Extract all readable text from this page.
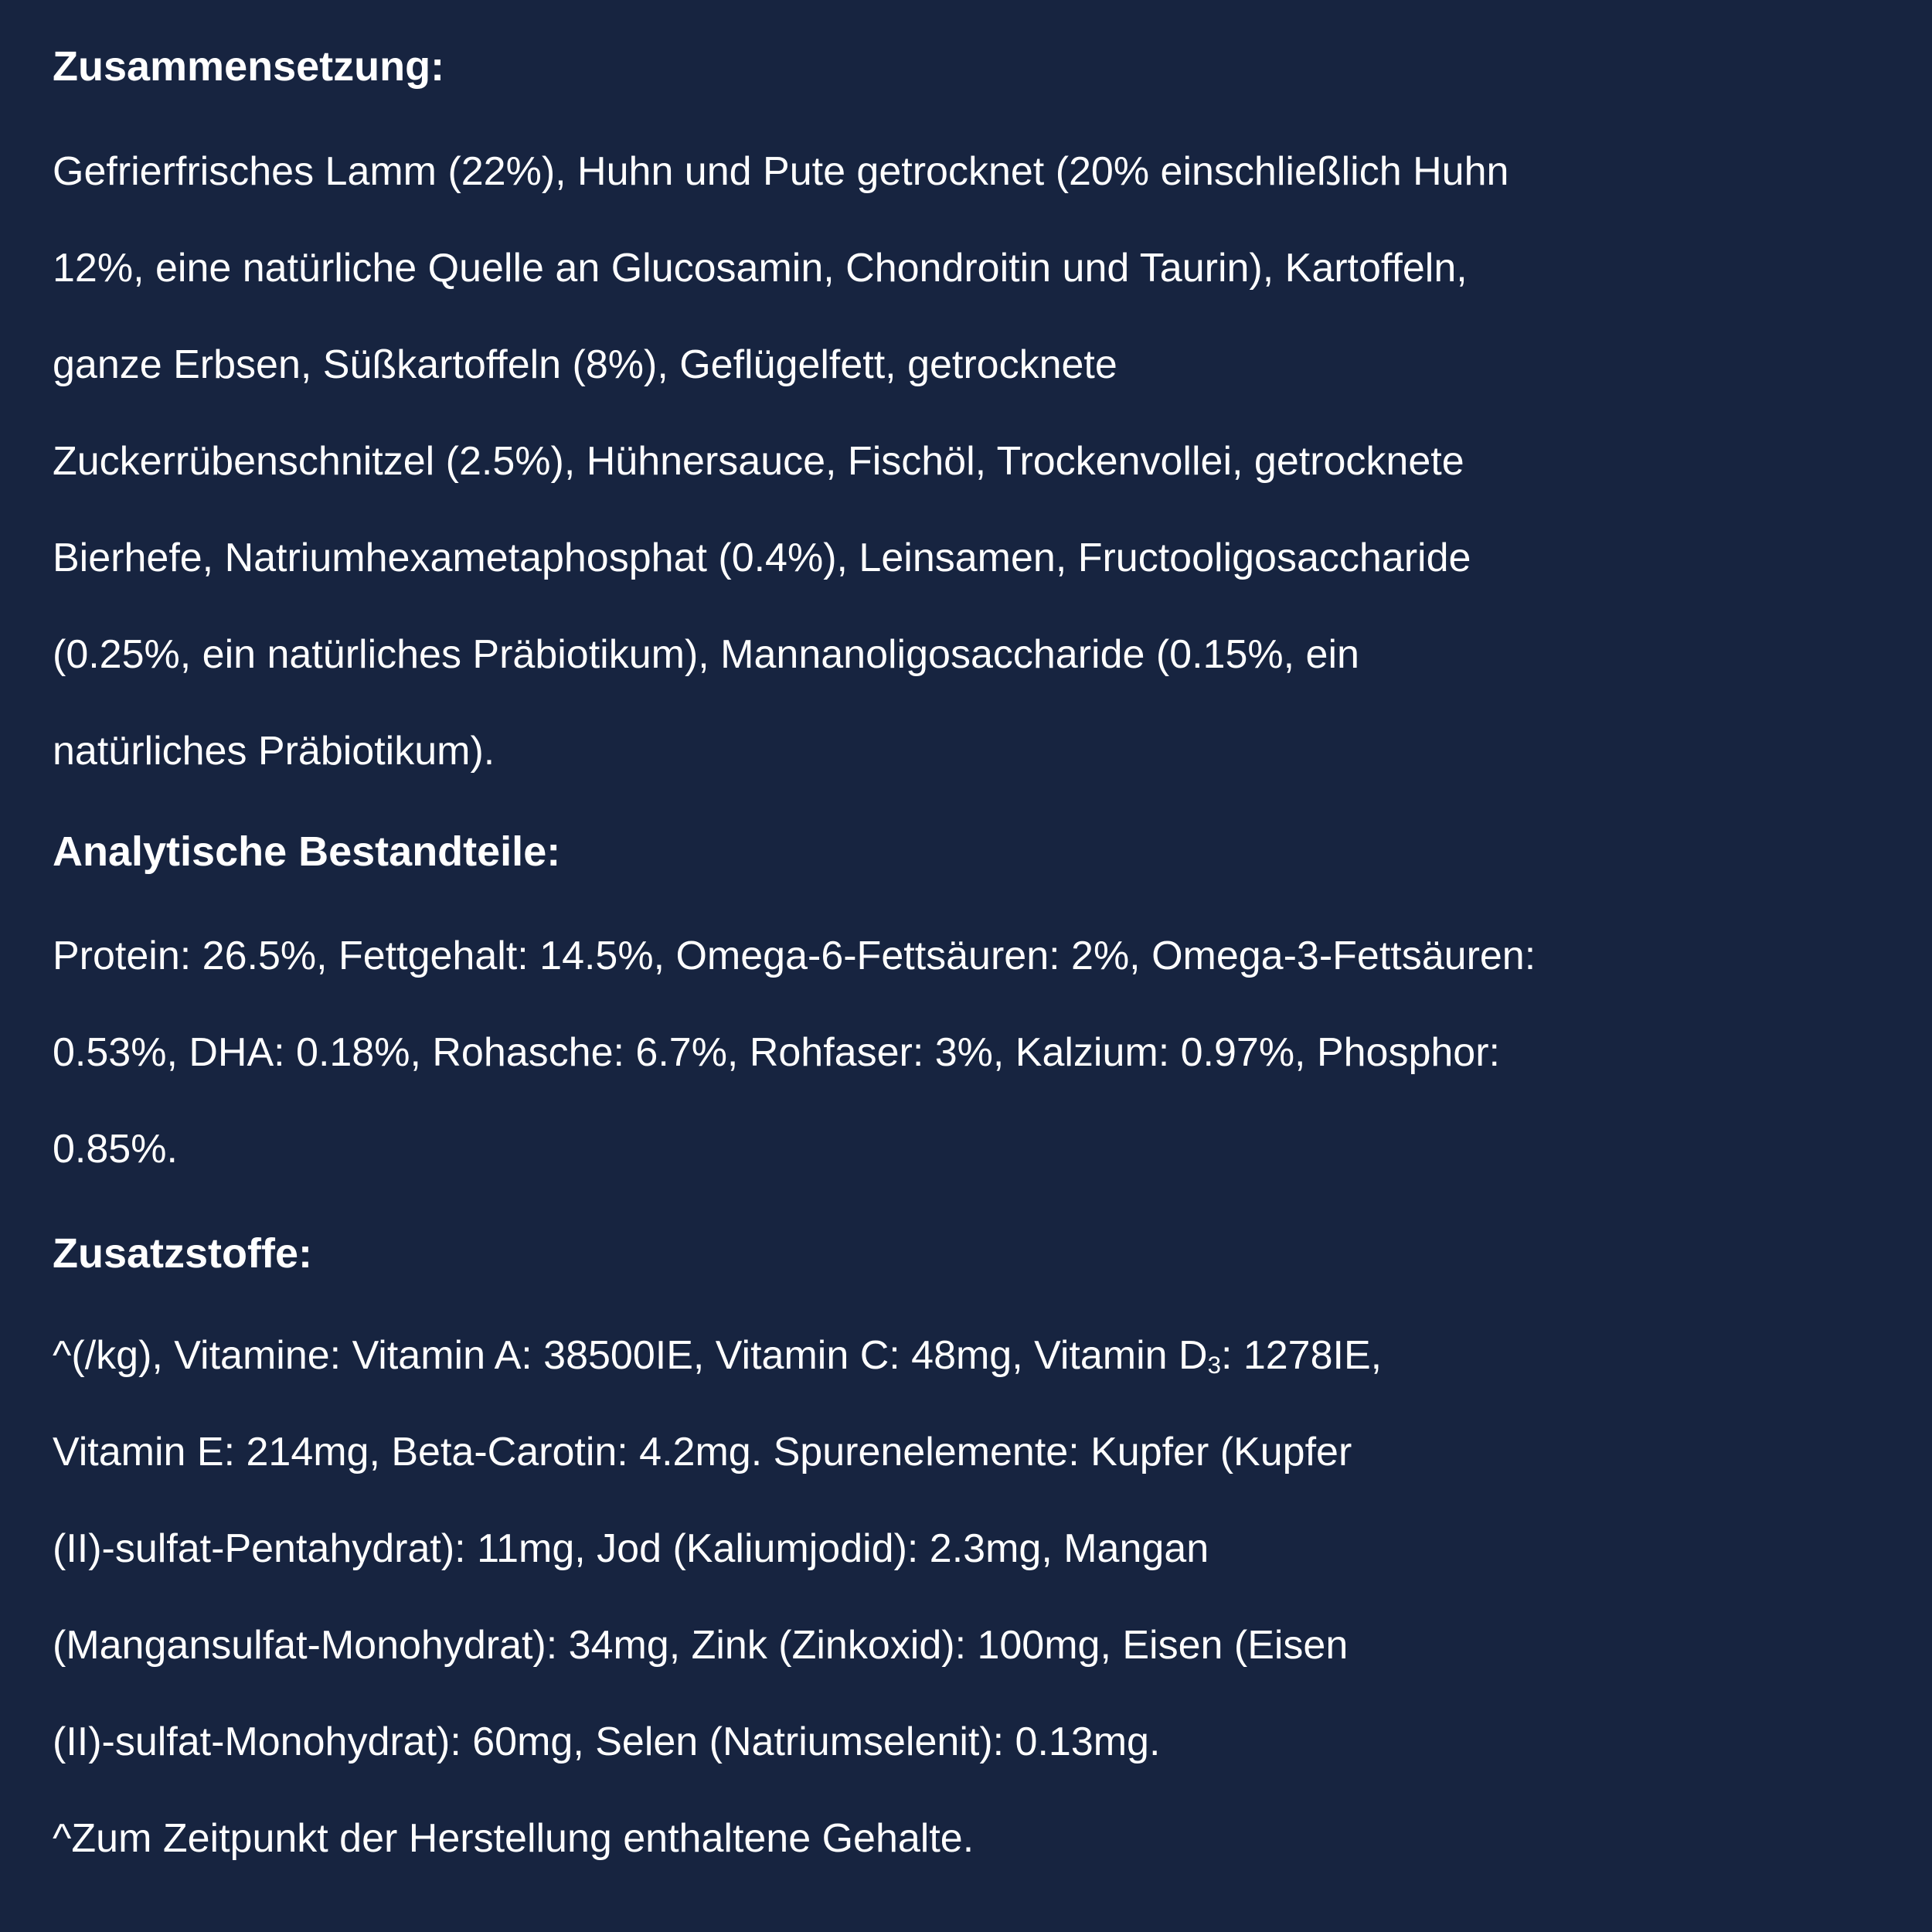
Zusammensetzung:
Gefrierfrisches Lamm (22%), Huhn und Pute getrocknet (20% einschließlich Huhn
12%, eine natürliche Quelle an Glucosamin, Chondroitin und Taurin), Kartoffeln,
ganze Erbsen, Süßkartoffeln (8%), Geflügelfett, getrocknete
Zuckerrübenschnitzel (2.5%), Hühnersauce, Fischöl, Trockenvollei, getrocknete
Bierhefe, Natriumhexametaphosphat (0.4%), Leinsamen, Fructooligosaccharide
(0.25%, ein natürliches Präbiotikum), Mannanoligosaccharide (0.15%, ein
natürliches Präbiotikum).
Analytische Bestandteile:
Protein: 26.5%, Fettgehalt: 14.5%, Omega-6-Fettsäuren: 2%, Omega-3-Fettsäuren:
0.53%, DHA: 0.18%, Rohasche: 6.7%, Rohfaser: 3%, Kalzium: 0.97%, Phosphor:
0.85%.
Zusatzstoffe:
^(/kg), Vitamine: Vitamin A: 38500IE, Vitamin C: 48mg, Vitamin $D_3$: 1278IE,
Vitamin E: 214mg, Beta-Carotin: 4.2mg. Spurenelemente: Kupfer (Kupfer
(II)-sulfat-Pentahydrat): 11mg, Jod (Kaliumjodid): 2.3mg, Mangan
(Mangansulfat-Monohydrat): 34mg, Zink (Zinkoxid): 100mg, Eisen (Eisen
(II)-sulfat-Monohydrat): 60mg, Selen (Natriumselenit): 0.13mg.
^Zum Zeitpunkt der Herstellung enthaltene Gehalte.
